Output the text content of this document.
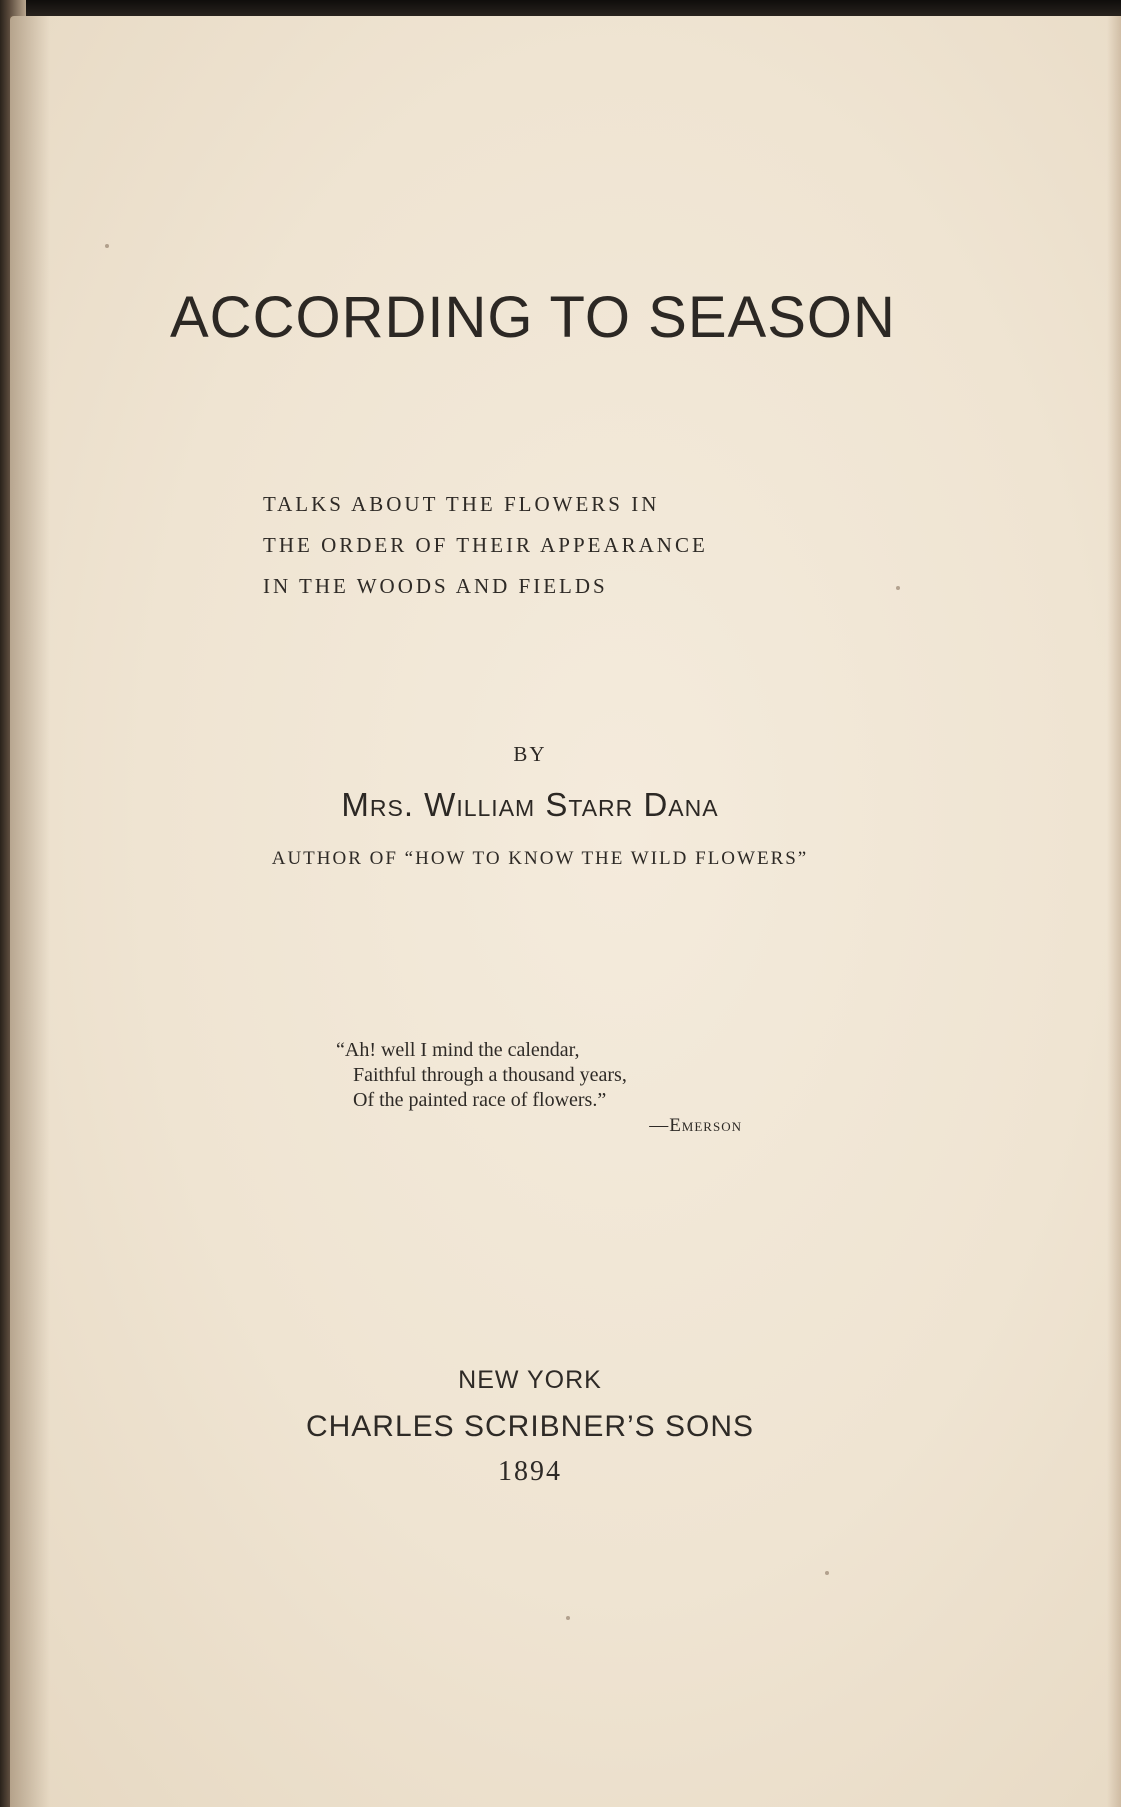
ACCORDING TO SEASON
TALKS ABOUT THE FLOWERS IN
THE ORDER OF THEIR APPEARANCE
IN THE WOODS AND FIELDS
BY
Mrs. William Starr Dana
AUTHOR OF “HOW TO KNOW THE WILD FLOWERS”
“Ah! well I mind the calendar,
Faithful through a thousand years,
Of the painted race of flowers.”
—Emerson
NEW YORK
CHARLES SCRIBNER’S SONS
1894
